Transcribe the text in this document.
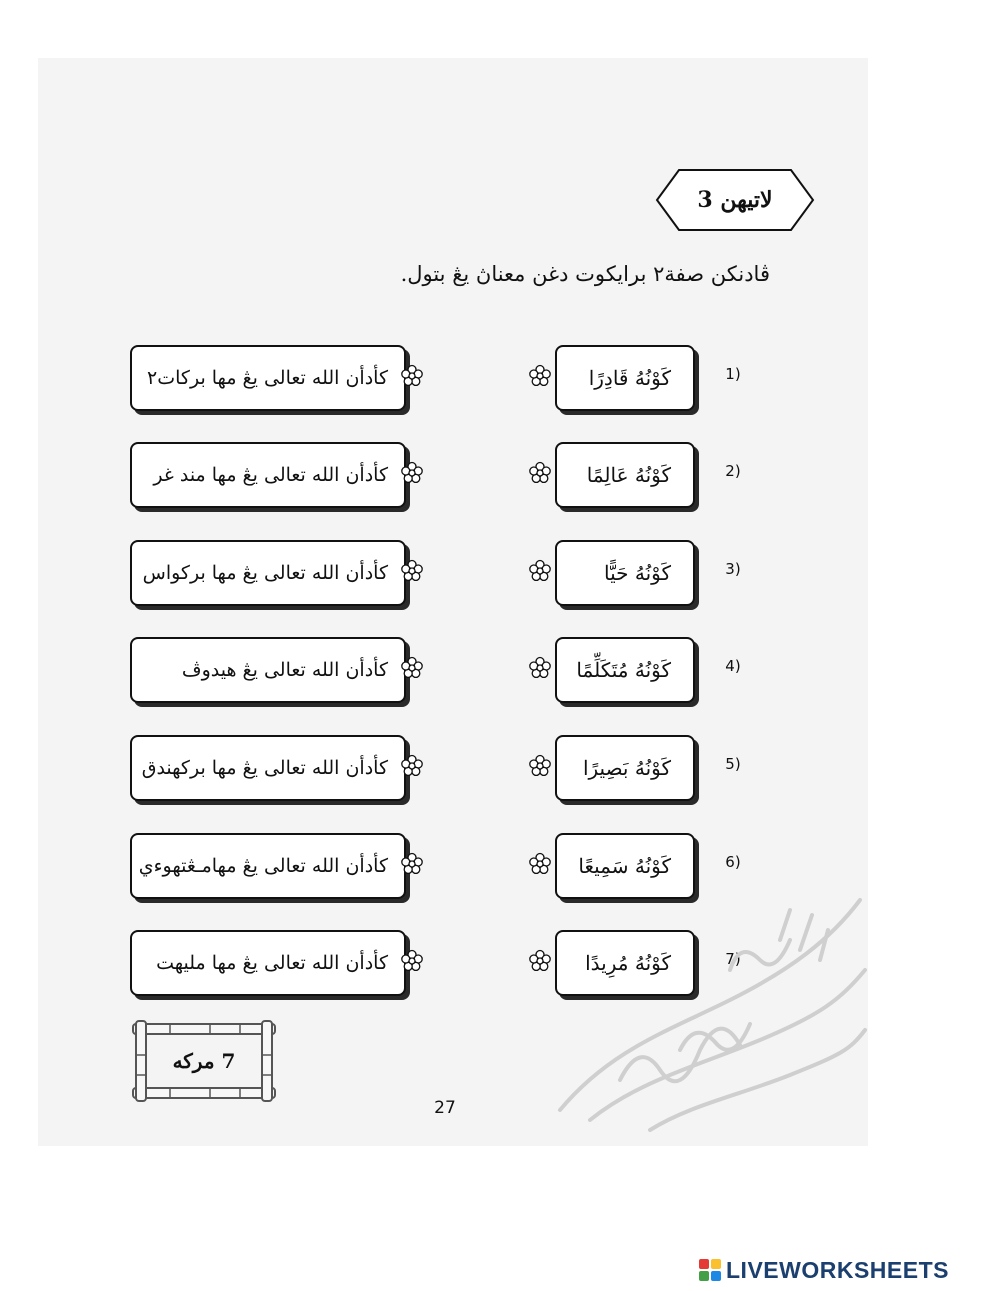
لاتيهن 3
ڤادنكن صفة٢ برايكوت دغن معناڽ يڠ بتول.
1)
كَوْنُهُ قَادِرًا
كأدأن الله تعالى يڠ مها بركات٢
2)
كَوْنُهُ عَالِمًا
كأدأن الله تعالى يڠ مها مند غر
3)
كَوْنُهُ حَيًّا
كأدأن الله تعالى يڠ مها بركواس
4)
كَوْنُهُ مُتَكَلِّمًا
كأدأن الله تعالى يڠ هيدوڤ
5)
كَوْنُهُ بَصِيرًا
كأدأن الله تعالى يڠ مها بركهندق
6)
كَوْنُهُ سَمِيعًا
كأدأن الله تعالى يڠ مهامـڠتهوءي
7)
كَوْنُهُ مُرِيدًا
كأدأن الله تعالى يڠ مها مليهت
7 مركه
27
LIVEWORKSHEETS
